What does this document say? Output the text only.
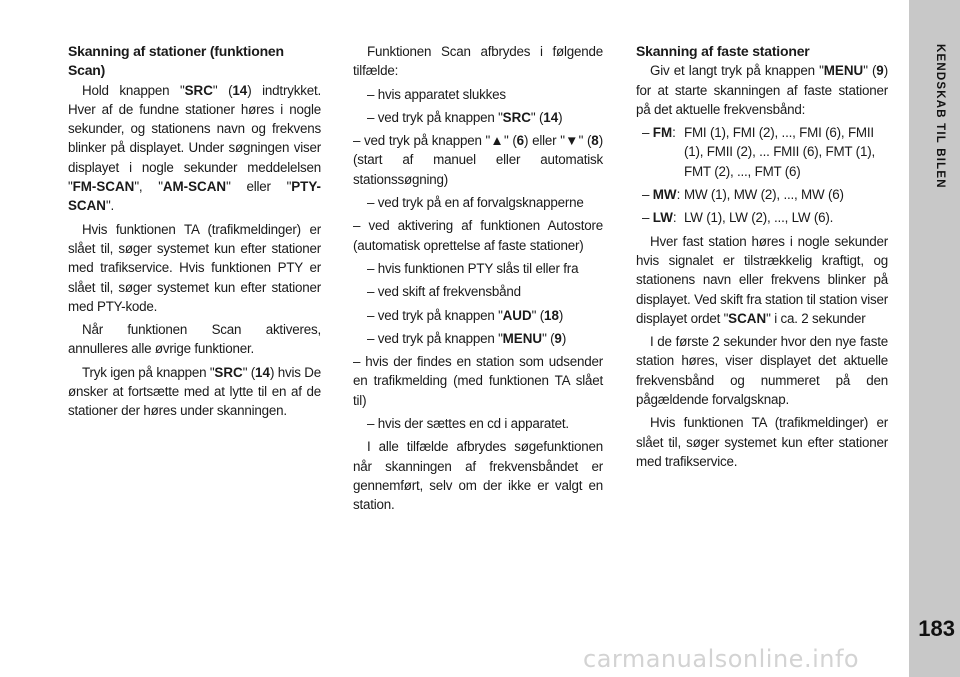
Skanning af stationer (funktionen Scan)

Hold knappen "SRC" (14) indtrykket. Hver af de fundne stationer høres i nogle sekunder, og stationens navn og frekvens blinker på displayet. Under søgningen viser displayet i nogle sekunder meddelelsen "FM-SCAN", "AM-SCAN" eller "PTY-SCAN".

Hvis funktionen TA (trafikmeldinger) er slået til, søger systemet kun efter stationer med trafikservice. Hvis funktionen PTY er slået til, søger systemet kun efter stationer med PTY-kode.

Når funktionen Scan aktiveres, annulleres alle øvrige funktioner.

Tryk igen på knappen "SRC" (14) hvis De ønsker at fortsætte med at lytte til en af de stationer der høres under skanningen.

Funktionen Scan afbrydes i følgende tilfælde:

– hvis apparatet slukkes

– ved tryk på knappen "SRC" (14)

– ved tryk på knappen "▲" (6) eller "▼" (8) (start af manuel eller automatisk stationssøgning)

– ved tryk på en af forvalgsknapperne

– ved aktivering af funktionen Autostore (automatisk oprettelse af faste stationer)

– hvis funktionen PTY slås til eller fra

– ved skift af frekvensbånd

– ved tryk på knappen "AUD" (18)

– ved tryk på knappen "MENU" (9)

– hvis der findes en station som udsender en trafikmelding (med funktionen TA slået til)

– hvis der sættes en cd i apparatet.

I alle tilfælde afbrydes søgefunktionen når skanningen af frekvensbåndet er gennemført, selv om der ikke er valgt en station.

Skanning af faste stationer

Giv et langt tryk på knappen "MENU" (9) for at starte skanningen af faste stationer på det aktuelle frekvensbånd:

– FM: FMI (1), FMI (2), ..., FMI (6), FMII (1), FMII (2), ... FMII (6), FMT (1), FMT (2), ..., FMT (6)
– MW: MW (1), MW (2), ..., MW (6)
– LW: LW (1), LW (2), ..., LW (6).

Hver fast station høres i nogle sekunder hvis signalet er tilstrækkelig kraftigt, og stationens navn eller frekvens blinker på displayet. Ved skift fra station til station viser displayet ordet "SCAN" i ca. 2 sekunder

I de første 2 sekunder hvor den nye faste station høres, viser displayet det aktuelle frekvensbånd og nummeret på den pågældende forvalgsknap.

Hvis funktionen TA (trafikmeldinger) er slået til, søger systemet kun efter stationer med trafikservice.

KENDSKAB TIL BILEN
183
carmanualsonline.info
